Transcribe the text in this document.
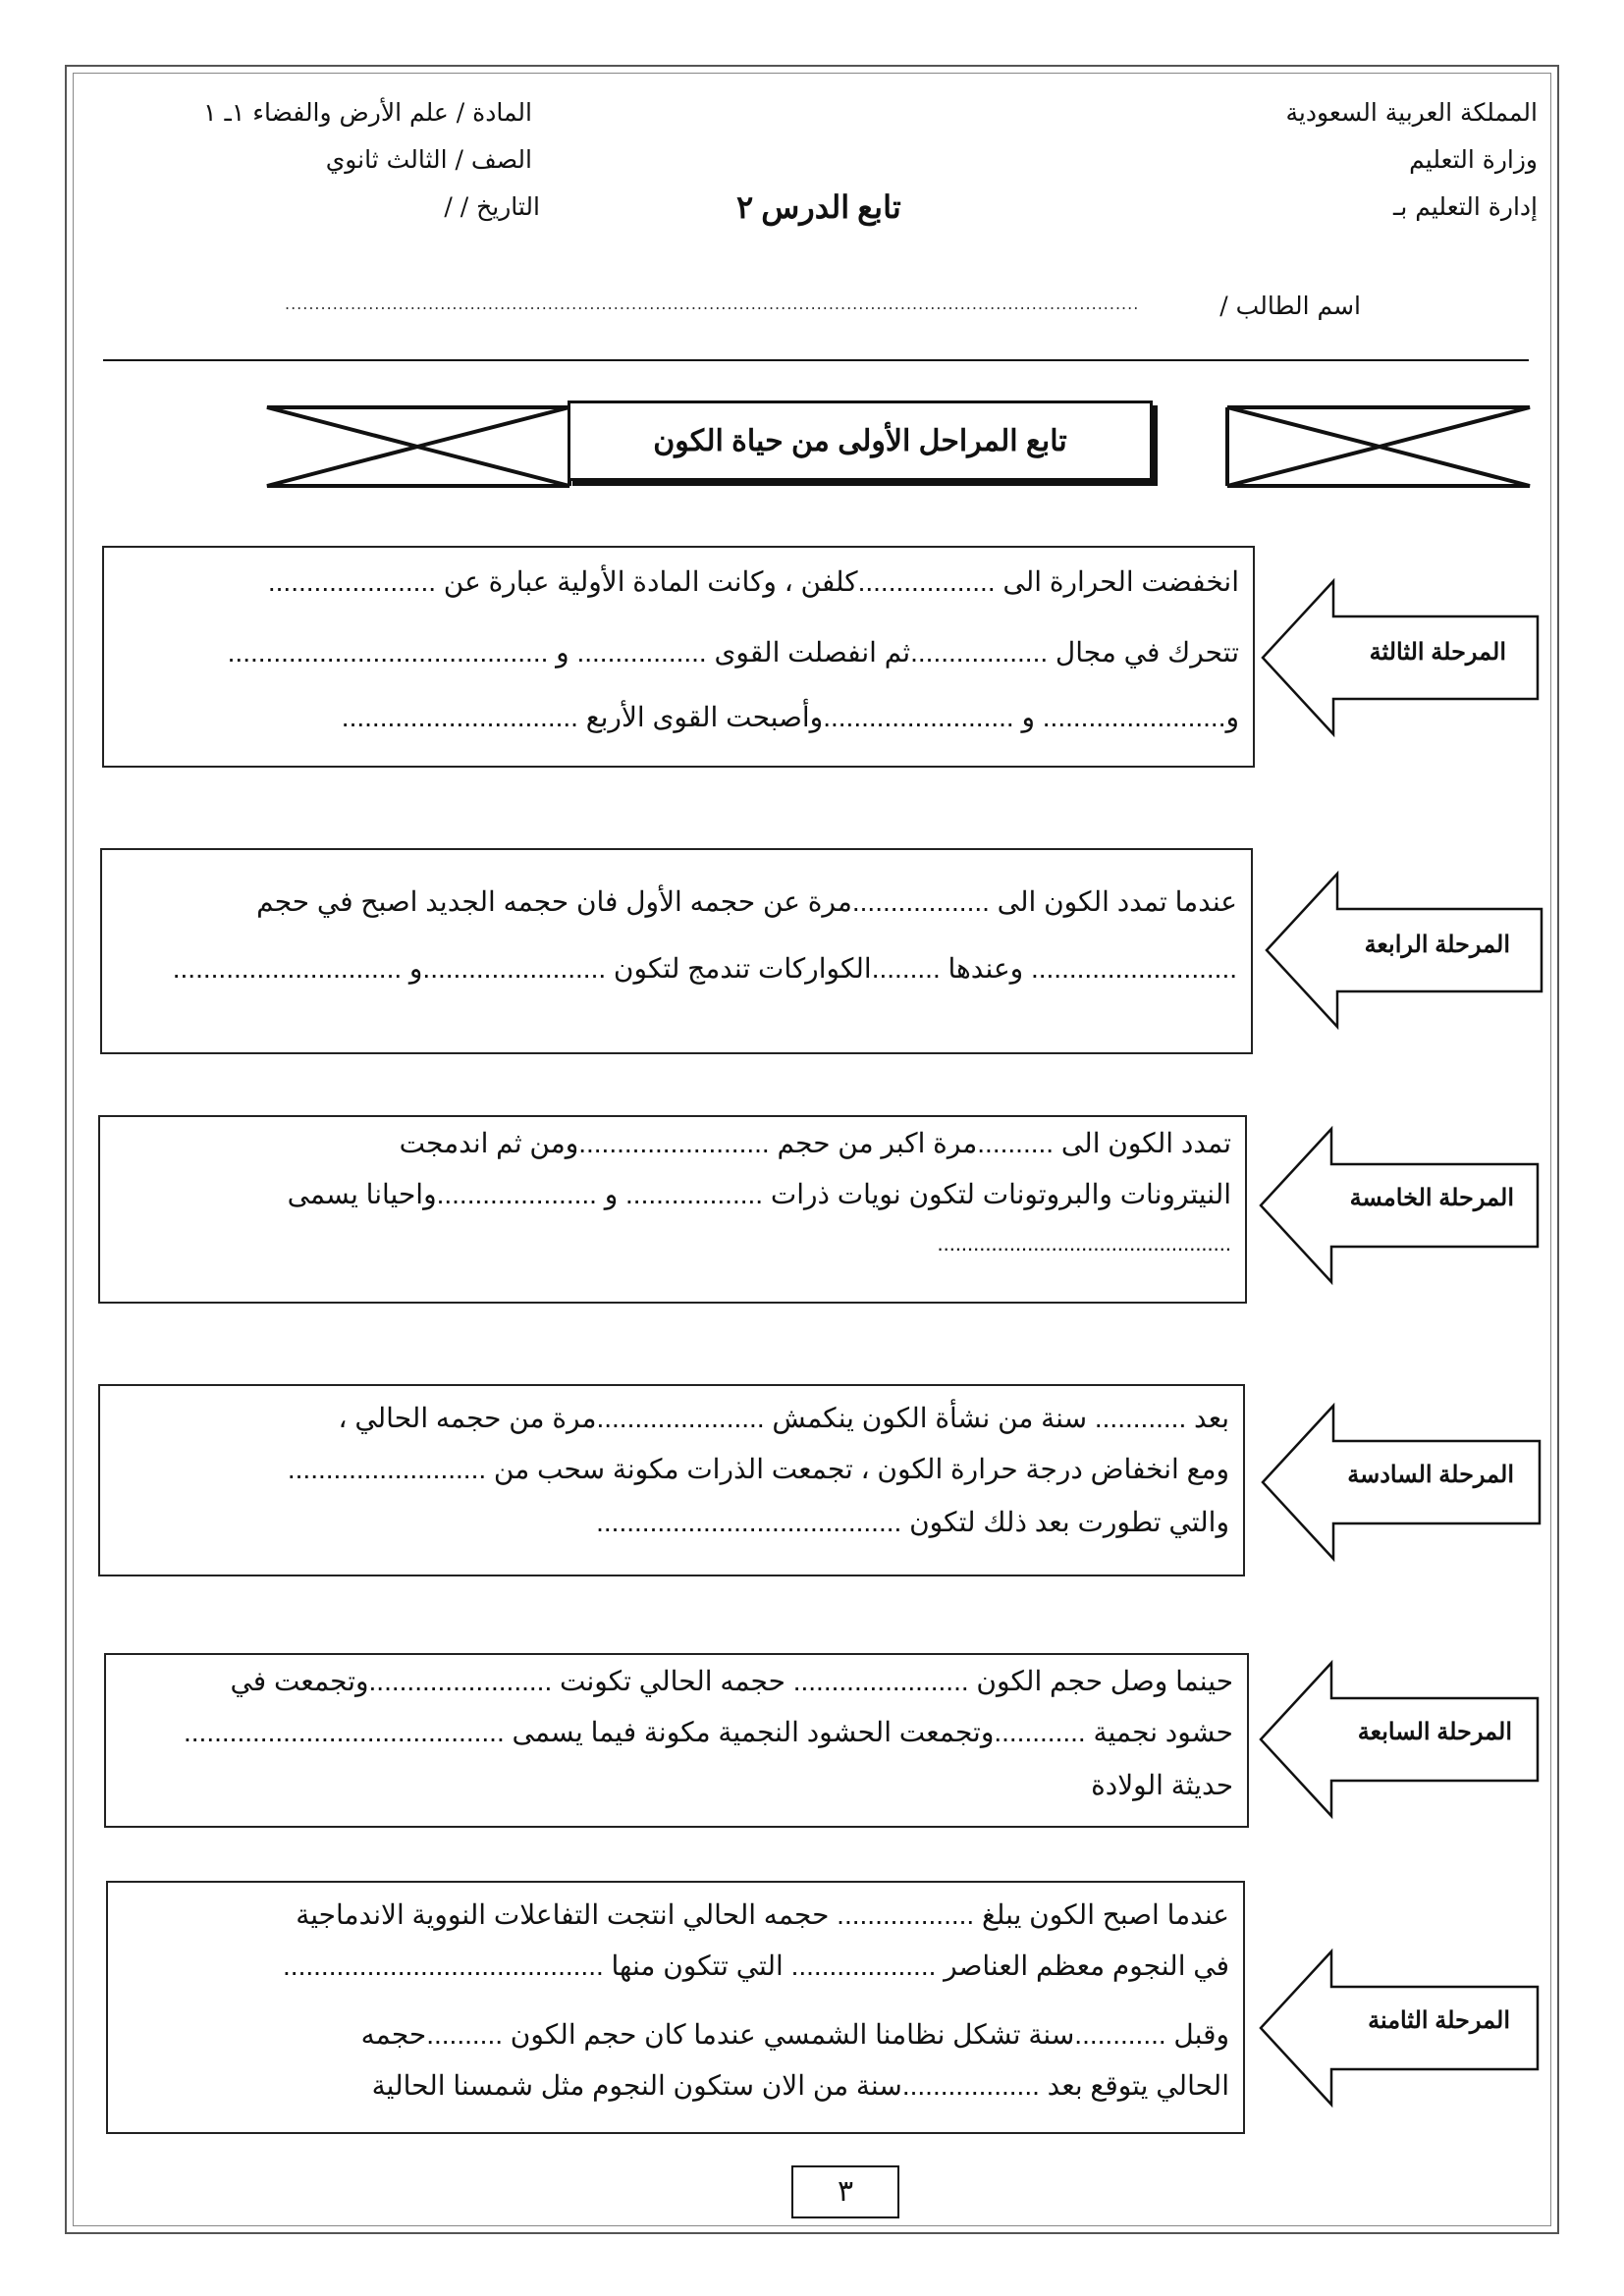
المملكة العربية السعودية
وزارة التعليم
إدارة التعليم بـ
المادة / علم الأرض والفضاء ١ـ ١
الصف / الثالث ثانوي
التاريخ / /	تابع الدرس ٢
اسم الطالب /
...............................................................................................................................................
تابع المراحل الأولى من حياة الكون
انخفضت الحرارة الى ..................كلفن ، وكانت المادة الأولية عبارة عن ......................
تتحرك في مجال ..................ثم انفصلت القوى ................. و ..........................................
و........................ و .........................وأصبحت القوى الأربع ...............................
المرحلة الثالثة
عندما تمدد الكون الى ..................مرة عن حجمه الأول فان حجمه الجديد اصبح في حجم
........................... وعندها .........الكواركات تندمج لتكون ........................و ..............................
المرحلة الرابعة
تمدد الكون الى ..........مرة اكبر من حجم .........................ومن ثم اندمجت
النيترونات والبروتونات لتكون نويات ذرات .................. و .....................واحيانا يسمى
.................................................
المرحلة الخامسة
بعد ............ سنة من نشأة الكون ينكمش ......................مرة من حجمه الحالي ،
ومع انخفاض درجة حرارة الكون ، تجمعت الذرات مكونة سحب من ..........................
والتي تطورت بعد ذلك لتكون ........................................
المرحلة السادسة
حينما وصل حجم الكون ....................... حجمه الحالي تكونت ........................وتجمعت في
حشود نجمية ............وتجمعت الحشود النجمية مكونة فيما يسمى ..........................................
حديثة الولادة
المرحلة السابعة
عندما اصبح الكون يبلغ .................. حجمه الحالي انتجت التفاعلات النووية الاندماجية
في النجوم معظم العناصر ................... التي تتكون منها ..........................................
وقبل ............سنة تشكل نظامنا الشمسي عندما كان حجم الكون ..........حجمه
الحالي يتوقع بعد ..................سنة من الان ستكون النجوم مثل شمسنا الحالية
المرحلة الثامنة
٣
